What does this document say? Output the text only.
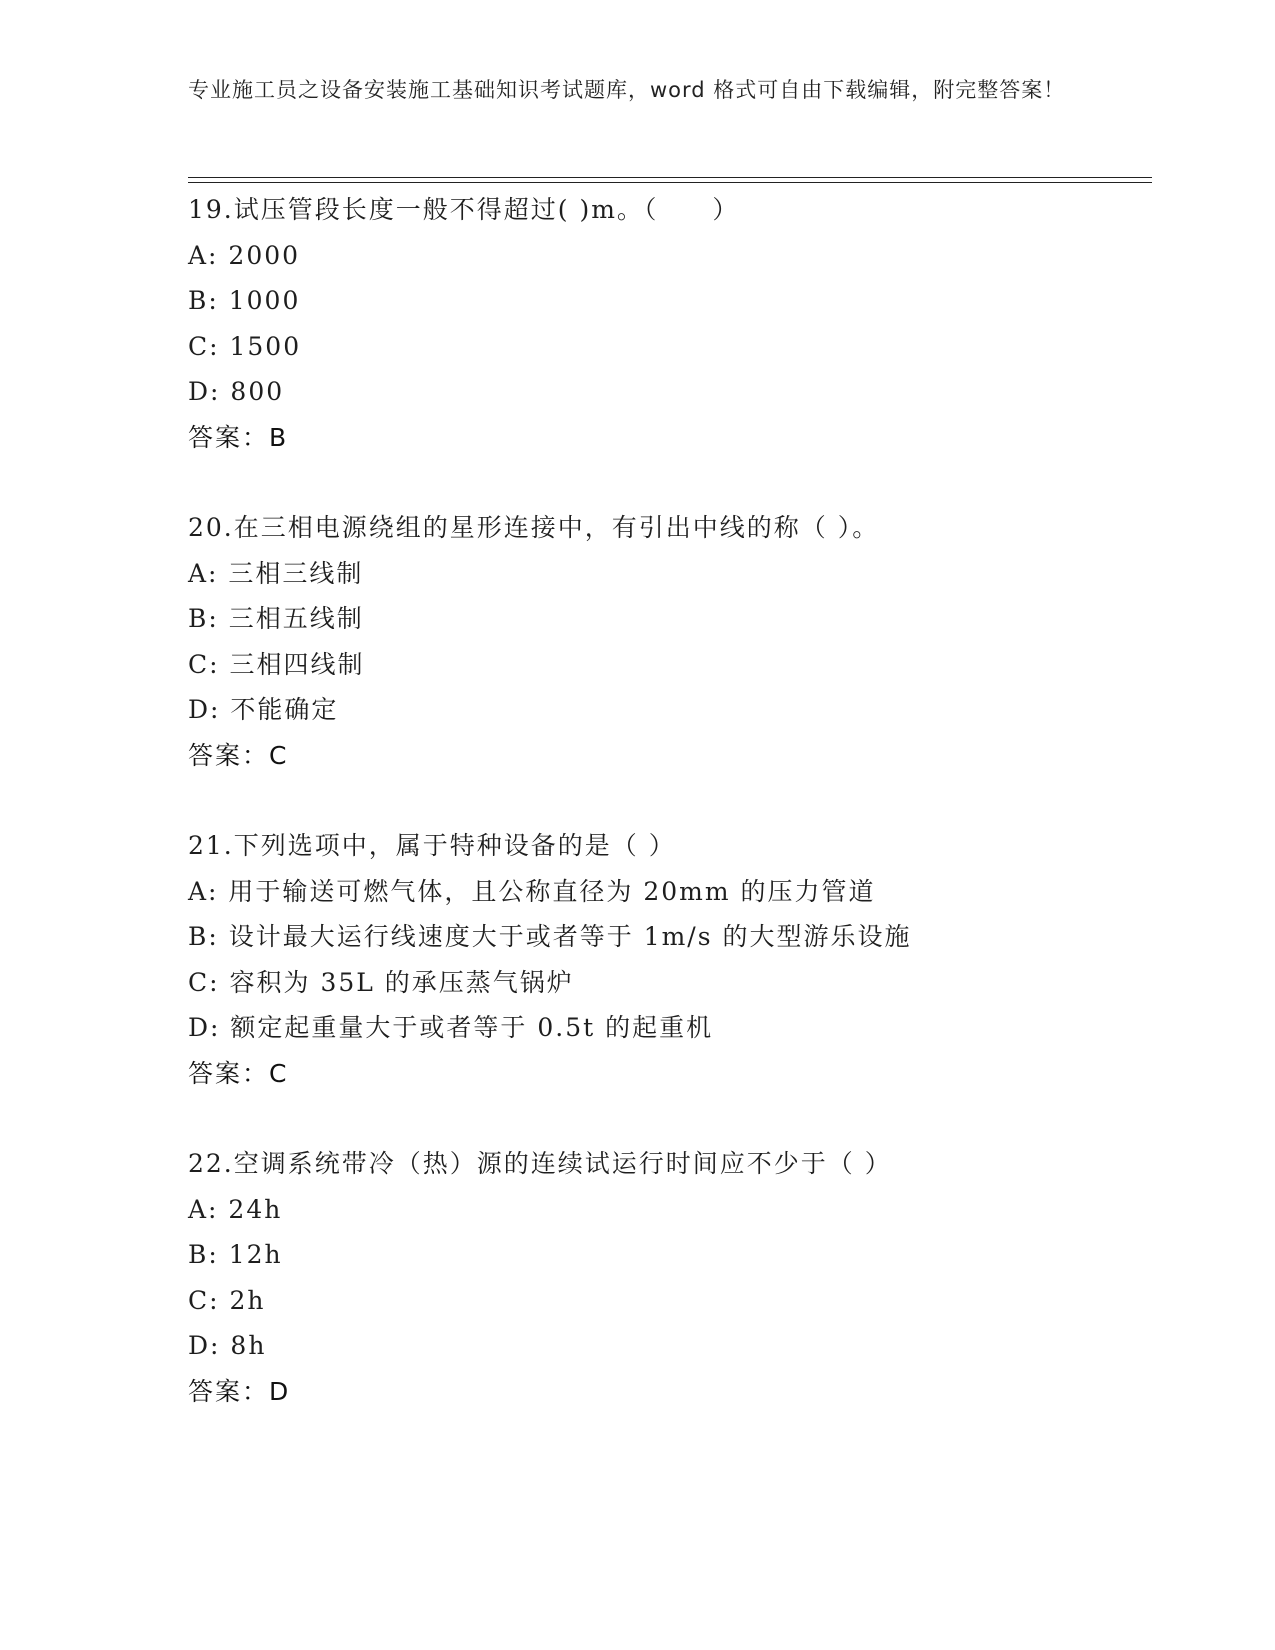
专业施工员之设备安装施工基础知识考试题库，word 格式可自由下载编辑，附完整答案！
19.试压管段长度一般不得超过( )m。（　　）
A: 2000
B: 1000
C: 1500
D: 800
答案：B
20.在三相电源绕组的星形连接中，有引出中线的称（ ）。
A: 三相三线制
B: 三相五线制
C: 三相四线制
D: 不能确定
答案：C
21.下列选项中，属于特种设备的是（ ）
A: 用于输送可燃气体，且公称直径为 20mm 的压力管道
B: 设计最大运行线速度大于或者等于 1m/s 的大型游乐设施
C: 容积为 35L 的承压蒸气锅炉
D: 额定起重量大于或者等于 0.5t 的起重机
答案：C
22.空调系统带冷（热）源的连续试运行时间应不少于（ ）
A: 24h
B: 12h
C: 2h
D: 8h
答案：D
